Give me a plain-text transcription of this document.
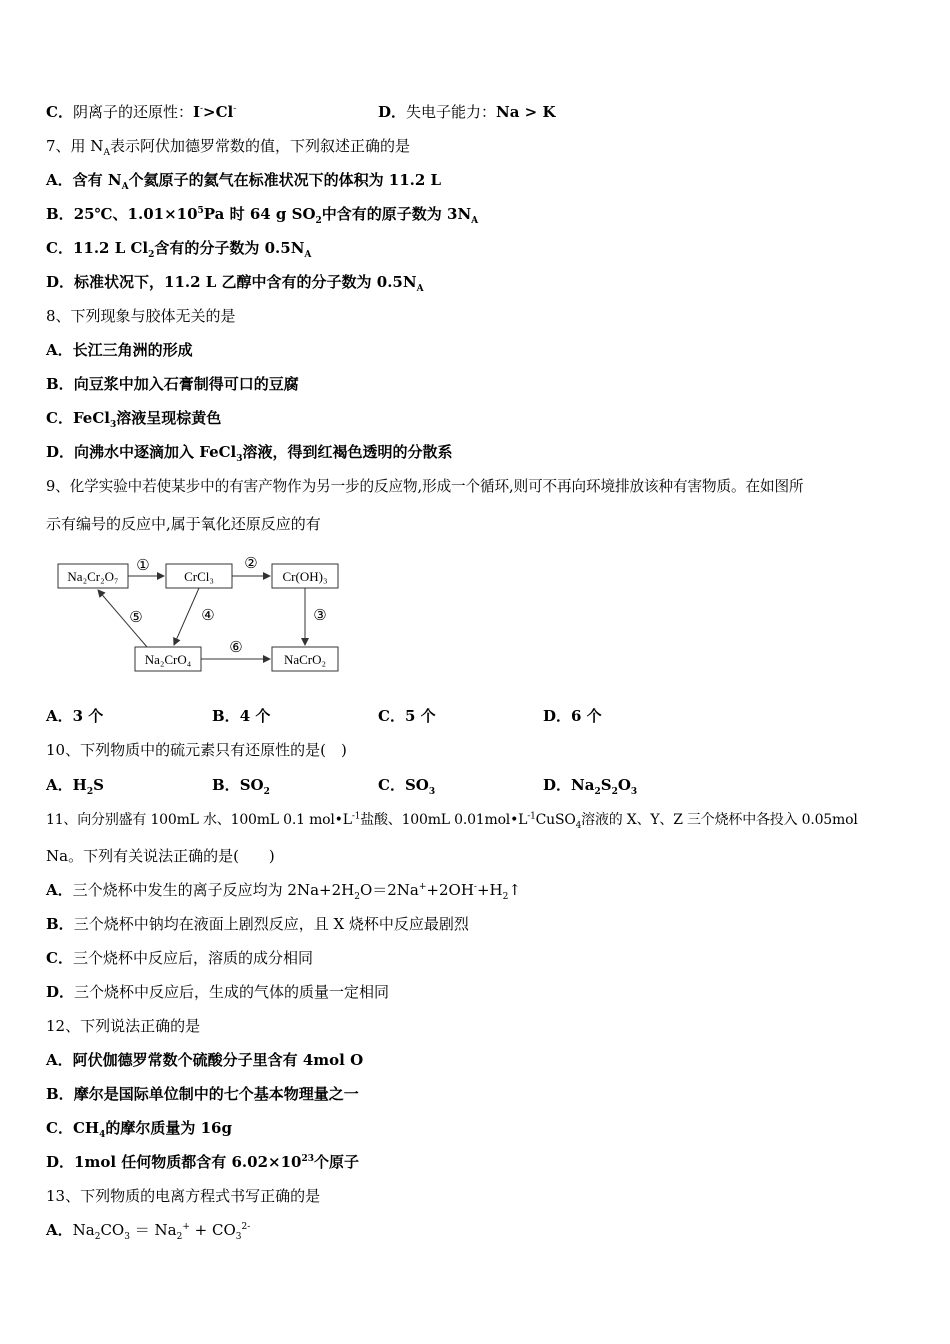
C．阴离子的还原性：I->Cl-	D．失电子能力：Na > K
7、用 $N_A$表示阿伏加德罗常数的值，下列叙述正确的是
A．含有 $N_A$个氦原子的氦气在标准状况下的体积为 11.2 L
B．25℃、$1.01\times 10^5Pa$ 时 64 g $SO_2$中含有的原子数为 $3N_A$
C．11.2 L $Cl_2$含有的分子数为 $0.5N_A$
D．标准状况下，11.2 L 乙醇中含有的分子数为 $0.5N_A$
8、下列现象与胶体无关的是
A．长江三角洲的形成
B．向豆浆中加入石膏制得可口的豆腐
C．FeCl$_3$溶液呈现棕黄色
D．向沸水中逐滴加入 FeCl$_3$溶液，得到红褐色透明的分散系
9、化学实验中若使某步中的有害产物作为另一步的反应物,形成一个循环,则可不再向环境排放该种有害物质。在如图所
示有编号的反应中,属于氧化还原反应的有
Na₂Cr₂O₇	CrCl₃	Cr(OH)₃
Na₂CrO₄	NaCrO₂
①	②
③
④
⑤
⑥
A．3 个	B．4 个	C．5 个	D．6 个
10、下列物质中的硫元素只有还原性的是(　)
A．$H_2S$	B．$SO_2$	C．$SO_3$	D．$Na_2S_2O_3$
11、向分别盛有 100mL 水、100mL 0.1 $mol•L^{-1}$盐酸、100mL $0.01mol•L^{-1}CuSO_4$溶液的 X、Y、Z 三个烧杯中各投入 0.05mol
Na。下列有关说法正确的是(　　)
A．三个烧杯中发生的离子反应均为 $2Na+2H_2O=2Na^++2OH^-+H_2↑$
B．三个烧杯中钠均在液面上剧烈反应，且 X 烧杯中反应最剧烈
C．三个烧杯中反应后，溶质的成分相同
D．三个烧杯中反应后，生成的气体的质量一定相同
12、下列说法正确的是
A．阿伏伽德罗常数个硫酸分子里含有 4mol O
B．摩尔是国际单位制中的七个基本物理量之一
C．$CH_4$的摩尔质量为 16g
D．1mol 任何物质都含有 $6.02\times 10^{23}$个原子
13、下列物质的电离方程式书写正确的是
A．$Na_2CO_3 = Na_2^+ + CO_3^{2-}$
